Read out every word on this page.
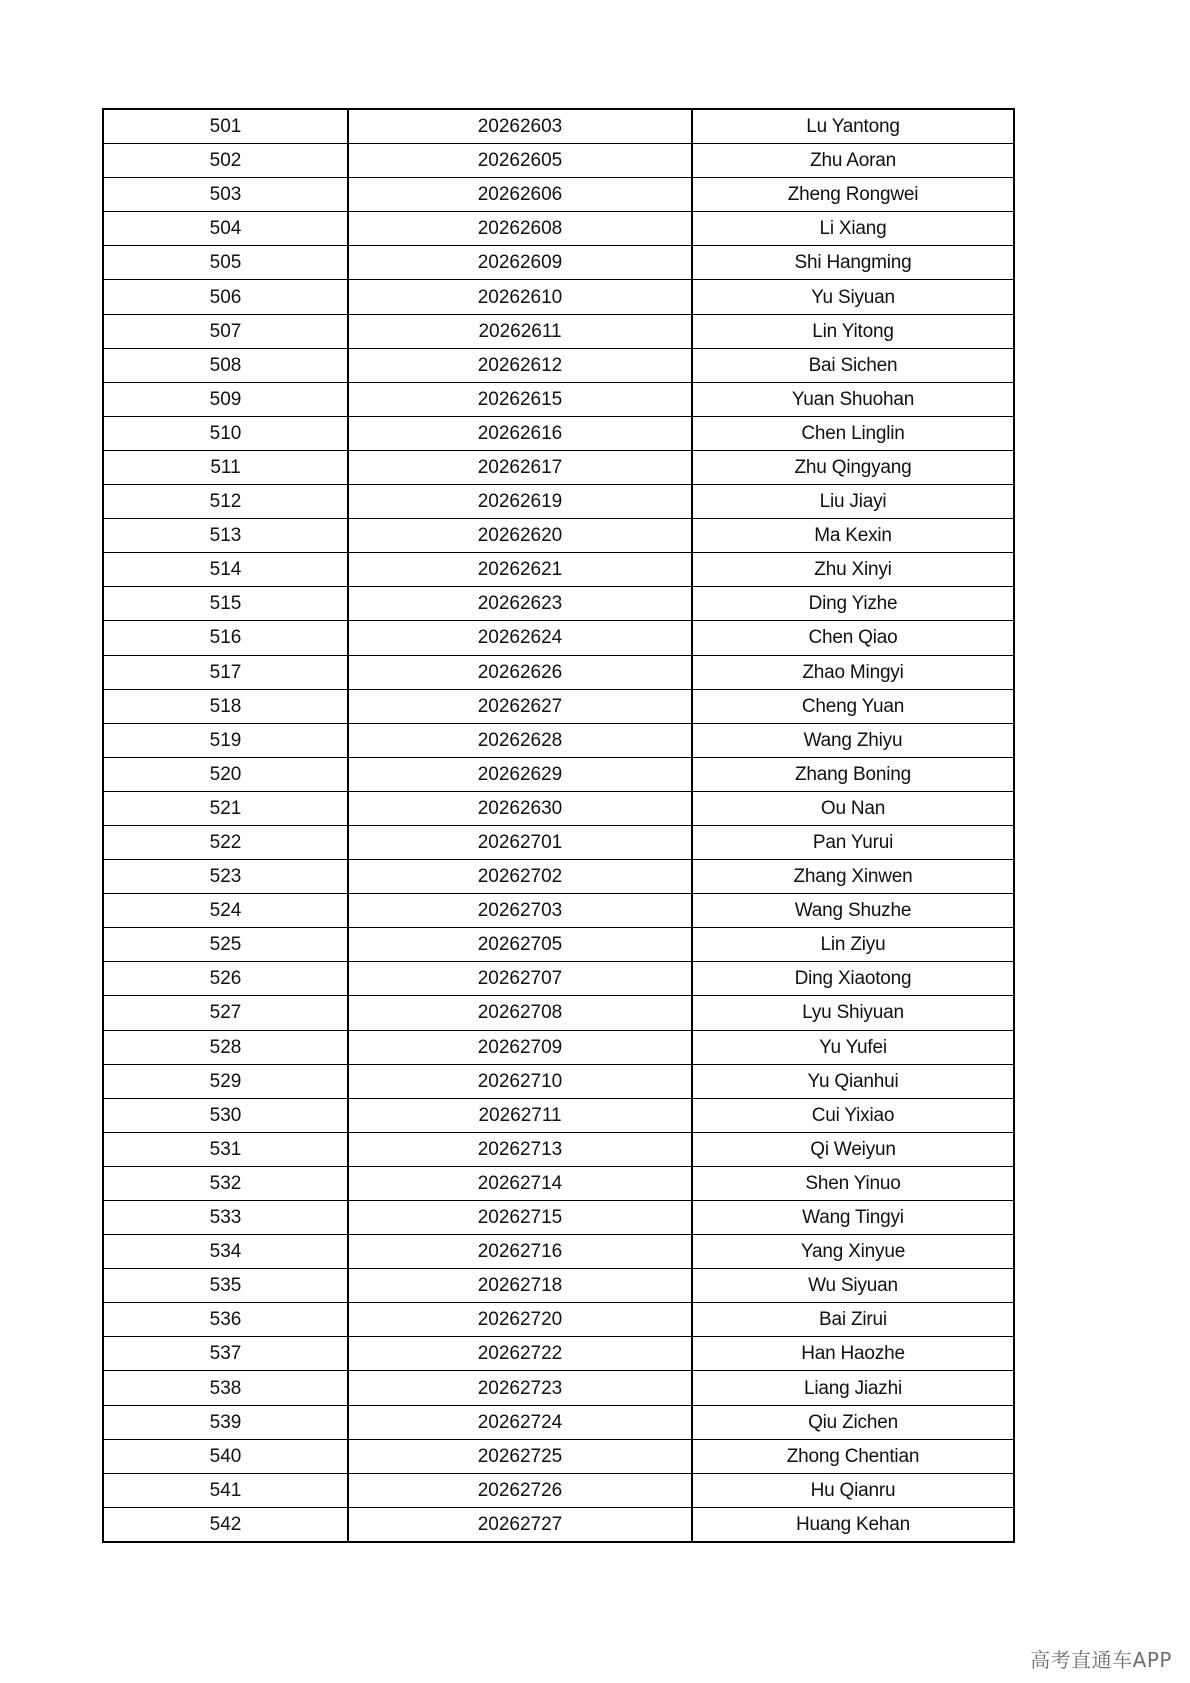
501	20262603	Lu Yantong
502	20262605	Zhu Aoran
503	20262606	Zheng Rongwei
504	20262608	Li Xiang
505	20262609	Shi Hangming
506	20262610	Yu Siyuan
507	20262611	Lin Yitong
508	20262612	Bai Sichen
509	20262615	Yuan Shuohan
510	20262616	Chen Linglin
511	20262617	Zhu Qingyang
512	20262619	Liu Jiayi
513	20262620	Ma Kexin
514	20262621	Zhu Xinyi
515	20262623	Ding Yizhe
516	20262624	Chen Qiao
517	20262626	Zhao Mingyi
518	20262627	Cheng Yuan
519	20262628	Wang Zhiyu
520	20262629	Zhang Boning
521	20262630	Ou Nan
522	20262701	Pan Yurui
523	20262702	Zhang Xinwen
524	20262703	Wang Shuzhe
525	20262705	Lin Ziyu
526	20262707	Ding Xiaotong
527	20262708	Lyu Shiyuan
528	20262709	Yu Yufei
529	20262710	Yu Qianhui
530	20262711	Cui Yixiao
531	20262713	Qi Weiyun
532	20262714	Shen Yinuo
533	20262715	Wang Tingyi
534	20262716	Yang Xinyue
535	20262718	Wu Siyuan
536	20262720	Bai Zirui
537	20262722	Han Haozhe
538	20262723	Liang Jiazhi
539	20262724	Qiu Zichen
540	20262725	Zhong Chentian
541	20262726	Hu Qianru
542	20262727	Huang Kehan
高考直通车APP
